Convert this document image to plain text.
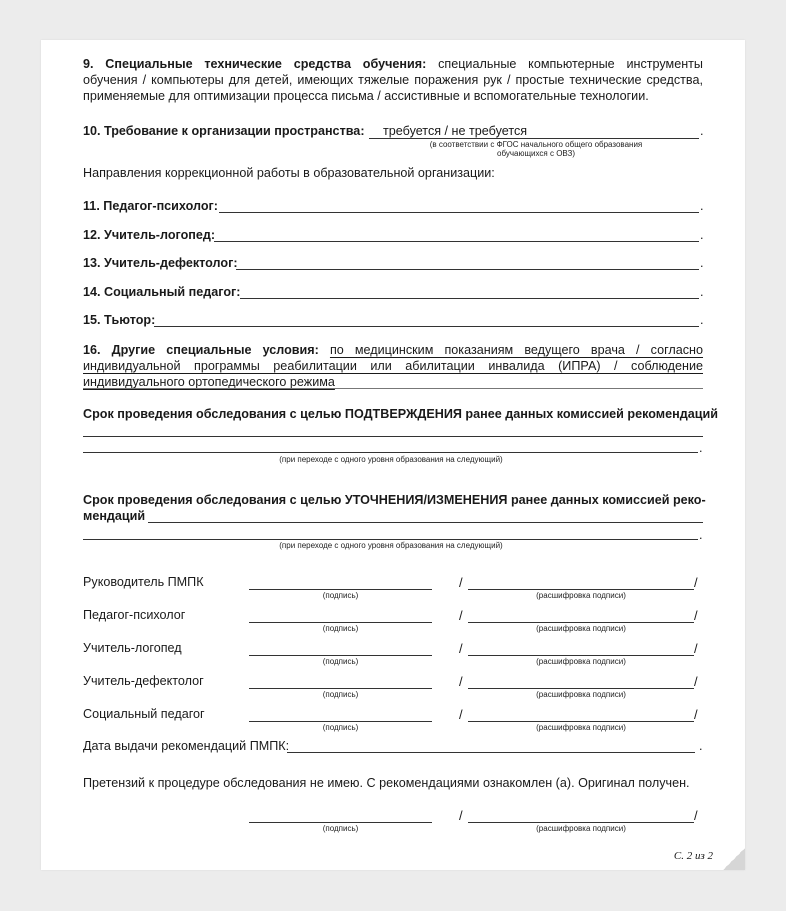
9. Специальные технические средства обучения: специальные компьютерные инструменты обучения / компьютеры для детей, имеющих тяжелые поражения рук / простые технические средства, применяемые для оптимизации процесса письма / ассистивные и вспомогательные технологии.
10. Требование к организации пространства: требуется / не требуется	.
(в соответствии с ФГОС начального общего образования
обучающихся с ОВЗ)
Направления коррекционной работы в образовательной организации:
11. Педагог-психолог:	.
12. Учитель-логопед:	.
13. Учитель-дефектолог:	.
14. Социальный педагог:	.
15. Тьютор:	.
16. Другие специальные условия: по медицинским показаниям ведущего врача / согласно индивидуальной программы реабилитации или абилитации инвалида (ИПРА) / соблюдение индивидуального ортопедического режима
Срок проведения обследования с целью ПОДТВЕРЖДЕНИЯ ранее данных комиссией рекомендаций
.
(при переходе с одного уровня образования на следующий)
Срок проведения обследования с целью УТОЧНЕНИЯ/ИЗМЕНЕНИЯ ранее данных комиссией реко-
мендаций
.
(при переходе с одного уровня образования на следующий)
Руководитель ПМПК
(подпись)
/	/
(расшифровка подписи)
Педагог-психолог
(подпись)
/	/
(расшифровка подписи)
Учитель-логопед
(подпись)
/	/
(расшифровка подписи)
Учитель-дефектолог
(подпись)
/	/
(расшифровка подписи)
Социальный педагог
(подпись)
/	/
(расшифровка подписи)
Дата выдачи рекомендаций ПМПК:	.
Претензий к процедуре обследования не имею. С рекомендациями ознакомлен (а). Оригинал получен.
(подпись)
/	/
(расшифровка подписи)
С. 2 из 2
